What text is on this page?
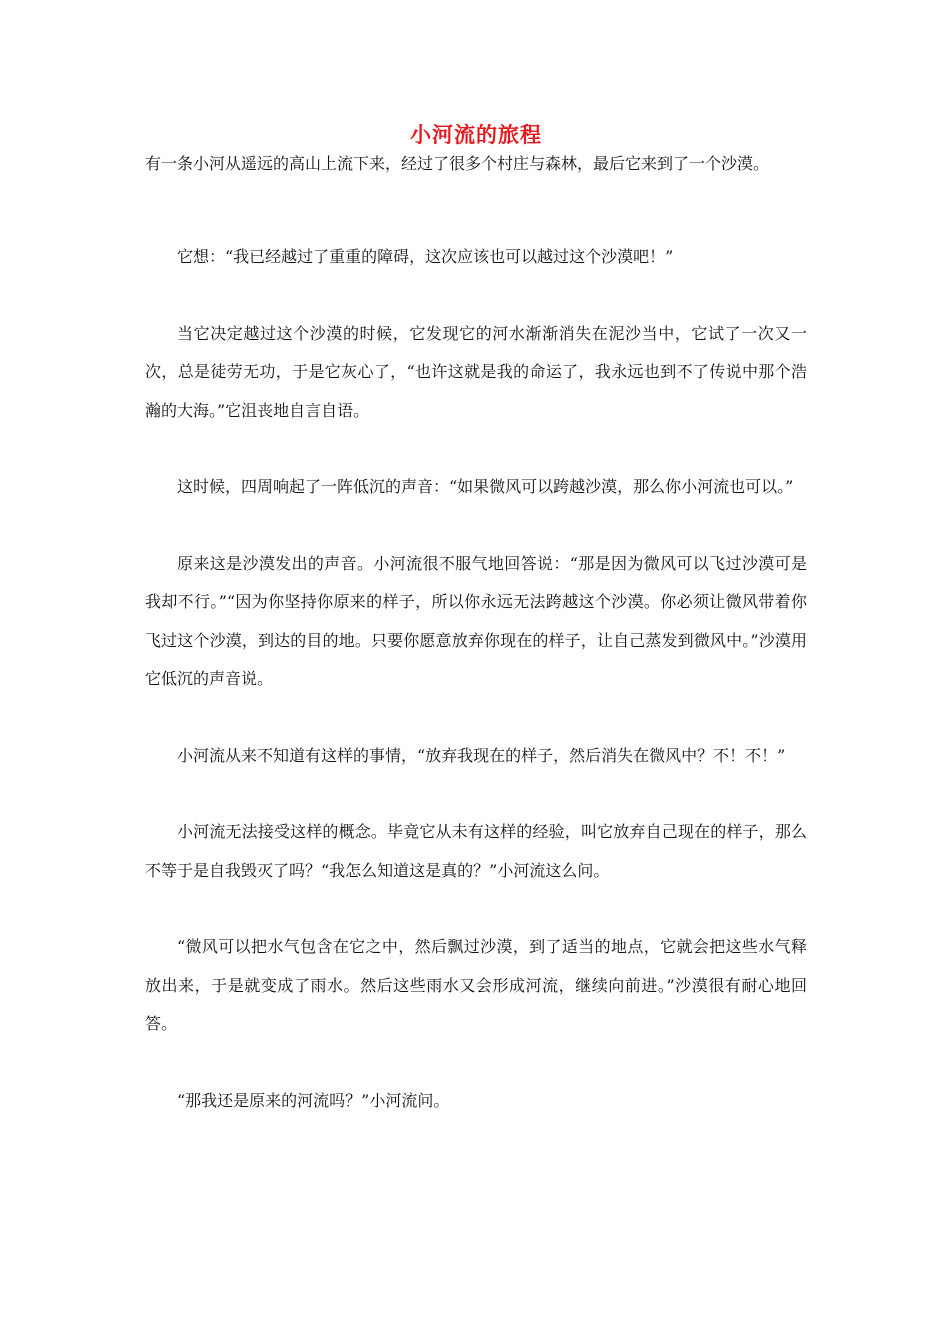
小河流的旅程

有一条小河从遥远的高山上流下来，经过了很多个村庄与森林，最后它来到了一个沙漠。

它想：“我已经越过了重重的障碍，这次应该也可以越过这个沙漠吧！”

当它决定越过这个沙漠的时候，它发现它的河水渐渐消失在泥沙当中，它试了一次又一次，总是徒劳无功，于是它灰心了，“也许这就是我的命运了，我永远也到不了传说中那个浩瀚的大海。”它沮丧地自言自语。

这时候，四周响起了一阵低沉的声音：“如果微风可以跨越沙漠，那么你小河流也可以。”

原来这是沙漠发出的声音。小河流很不服气地回答说：“那是因为微风可以飞过沙漠可是我却不行。”“因为你坚持你原来的样子，所以你永远无法跨越这个沙漠。你必须让微风带着你飞过这个沙漠，到达的目的地。只要你愿意放弃你现在的样子，让自己蒸发到微风中。”沙漠用它低沉的声音说。

小河流从来不知道有这样的事情，“放弃我现在的样子，然后消失在微风中？不！不！”

小河流无法接受这样的概念。毕竟它从未有这样的经验，叫它放弃自己现在的样子，那么不等于是自我毁灭了吗？“我怎么知道这是真的？”小河流这么问。

“微风可以把水气包含在它之中，然后飘过沙漠，到了适当的地点，它就会把这些水气释放出来，于是就变成了雨水。然后这些雨水又会形成河流，继续向前进。”沙漠很有耐心地回答。

“那我还是原来的河流吗？”小河流问。
